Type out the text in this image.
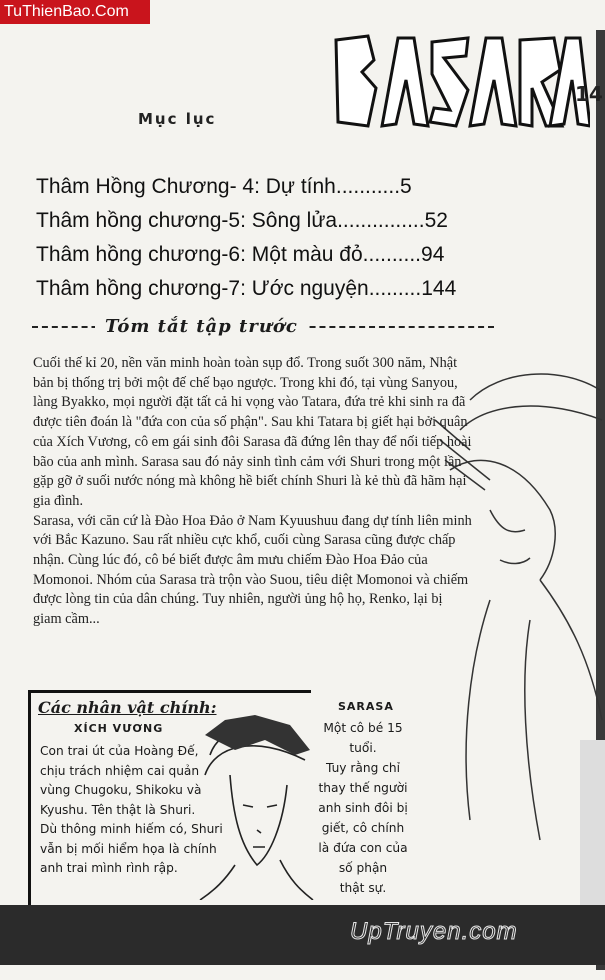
TuThienBao.Com
14
Mục lục
Thâm Hồng Chương- 4: Dự tính...........5
Thâm hồng chương-5: Sông lửa...............52
Thâm hồng chương-6: Một màu đỏ..........94
Thâm hồng chương-7: Ước nguyện.........144
Tóm tắt tập trước

Cuối thế kỉ 20, nền văn minh hoàn toàn sụp đổ. Trong suốt 300 năm, Nhật bản bị thống trị bởi một đế chế bạo ngược. Trong khi đó, tại vùng Sanyou, làng Byakko, mọi người đặt tất cả hi vọng vào Tatara, đứa trẻ khi sinh ra đã được tiên đoán là "đứa con của số phận". Sau khi Tatara bị giết hại bởi quân của Xích Vương, cô em gái sinh đôi Sarasa đã đứng lên thay để nối tiếp hoài bão của anh mình. Sarasa sau đó nảy sinh tình cảm với Shuri trong một lần gặp gỡ ở suối nước nóng mà không hề biết chính Shuri là kẻ thù đã hãm hại gia đình.

Sarasa, với căn cứ là Đào Hoa Đảo ở Nam Kyuushuu đang dự tính liên minh với Bắc Kazuno. Sau rất nhiều cực khổ, cuối cùng Sarasa cũng được chấp nhận. Cùng lúc đó, cô bé biết được âm mưu chiếm Đào Hoa Đảo của Momonoi. Nhóm của Sarasa trà trộn vào Suou, tiêu diệt Momonoi và chiếm được lòng tin của dân chúng. Tuy nhiên, người ủng hộ họ, Renko, lại bị giam cầm...

Các nhân vật chính:
XÍCH VƯƠNG

Con trai út của Hoàng Đế,

chịu trách nhiệm cai quản

vùng Chugoku, Shikoku và

Kyushu. Tên thật là Shuri.

Dù thông minh hiếm có, Shuri

vẫn bị mối hiểm họa là chính

anh trai mình rình rập.

SARASA

Một cô bé 15 tuổi.

Tuy rằng chỉ

thay thế người

anh sinh đôi bị

giết, cô chính

là đứa con của

số phận

thật sự.

UpTruyen.com
